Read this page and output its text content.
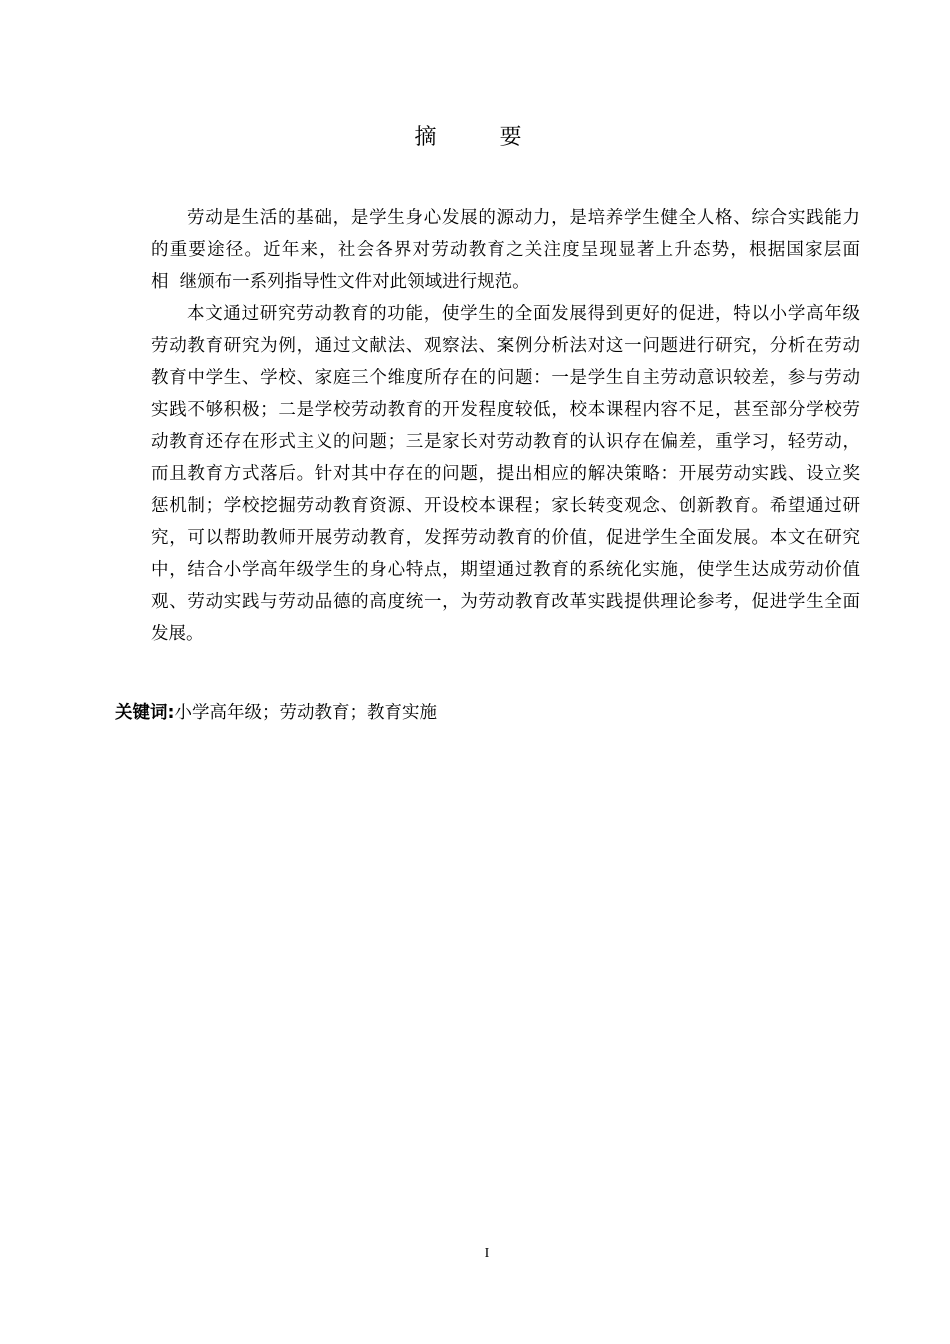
摘 要
劳动是生活的基础，是学生身心发展的源动力，是培养学生健全人格、综合实践能力
的重要途径。近年来，社会各界对劳动教育之关注度呈现显著上升态势，根据国家层面
相  继颁布一系列指导性文件对此领域进行规范。
本文通过研究劳动教育的功能，使学生的全面发展得到更好的促进，特以小学高年级
劳动教育研究为例，通过文献法、观察法、案例分析法对这一问题进行研究，分析在劳动
教育中学生、学校、家庭三个维度所存在的问题：一是学生自主劳动意识较差，参与劳动
实践不够积极；二是学校劳动教育的开发程度较低，校本课程内容不足，甚至部分学校劳
动教育还存在形式主义的问题；三是家长对劳动教育的认识存在偏差，重学习，轻劳动，
而且教育方式落后。针对其中存在的问题，提出相应的解决策略：开展劳动实践、设立奖
惩机制；学校挖掘劳动教育资源、开设校本课程；家长转变观念、创新教育。希望通过研
究，可以帮助教师开展劳动教育，发挥劳动教育的价值，促进学生全面发展。本文在研究
中，结合小学高年级学生的身心特点，期望通过教育的系统化实施，使学生达成劳动价值
观、劳动实践与劳动品德的高度统一，为劳动教育改革实践提供理论参考，促进学生全面
发展。
关键词:小学高年级；劳动教育；教育实施
I
